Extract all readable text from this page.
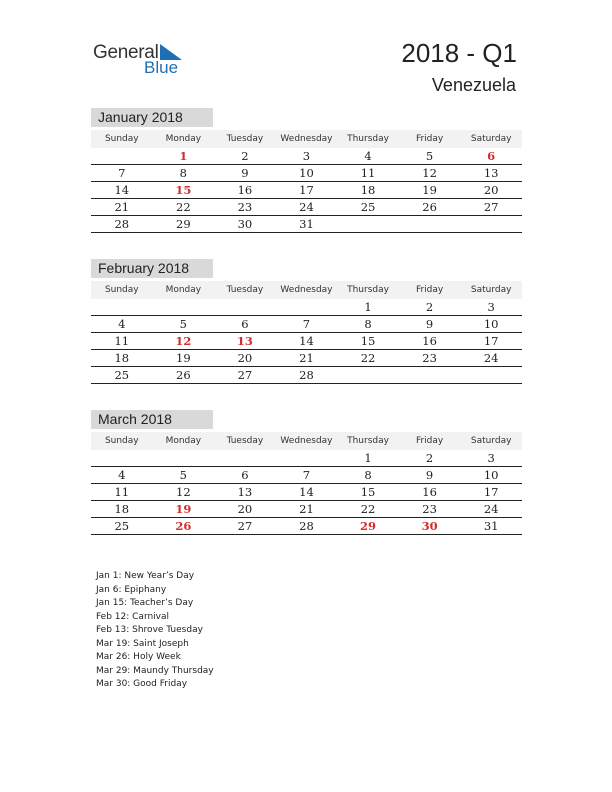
General
Blue	2018 - Q1
Venezuela
January 2018
Sunday	Monday	Tuesday	Wednesday	Thursday	Friday	Saturday
	1	2	3	4	5	6
7	8	9	10	11	12	13
14	15	16	17	18	19	20
21	22	23	24	25	26	27
28	29	30	31			
February 2018
Sunday	Monday	Tuesday	Wednesday	Thursday	Friday	Saturday
				1	2	3
4	5	6	7	8	9	10
11	12	13	14	15	16	17
18	19	20	21	22	23	24
25	26	27	28			
March 2018
Sunday	Monday	Tuesday	Wednesday	Thursday	Friday	Saturday
				1	2	3
4	5	6	7	8	9	10
11	12	13	14	15	16	17
18	19	20	21	22	23	24
25	26	27	28	29	30	31
Jan 1: New Year’s Day
Jan 6: Epiphany
Jan 15: Teacher’s Day
Feb 12: Carnival
Feb 13: Shrove Tuesday
Mar 19: Saint Joseph
Mar 26: Holy Week
Mar 29: Maundy Thursday
Mar 30: Good Friday
